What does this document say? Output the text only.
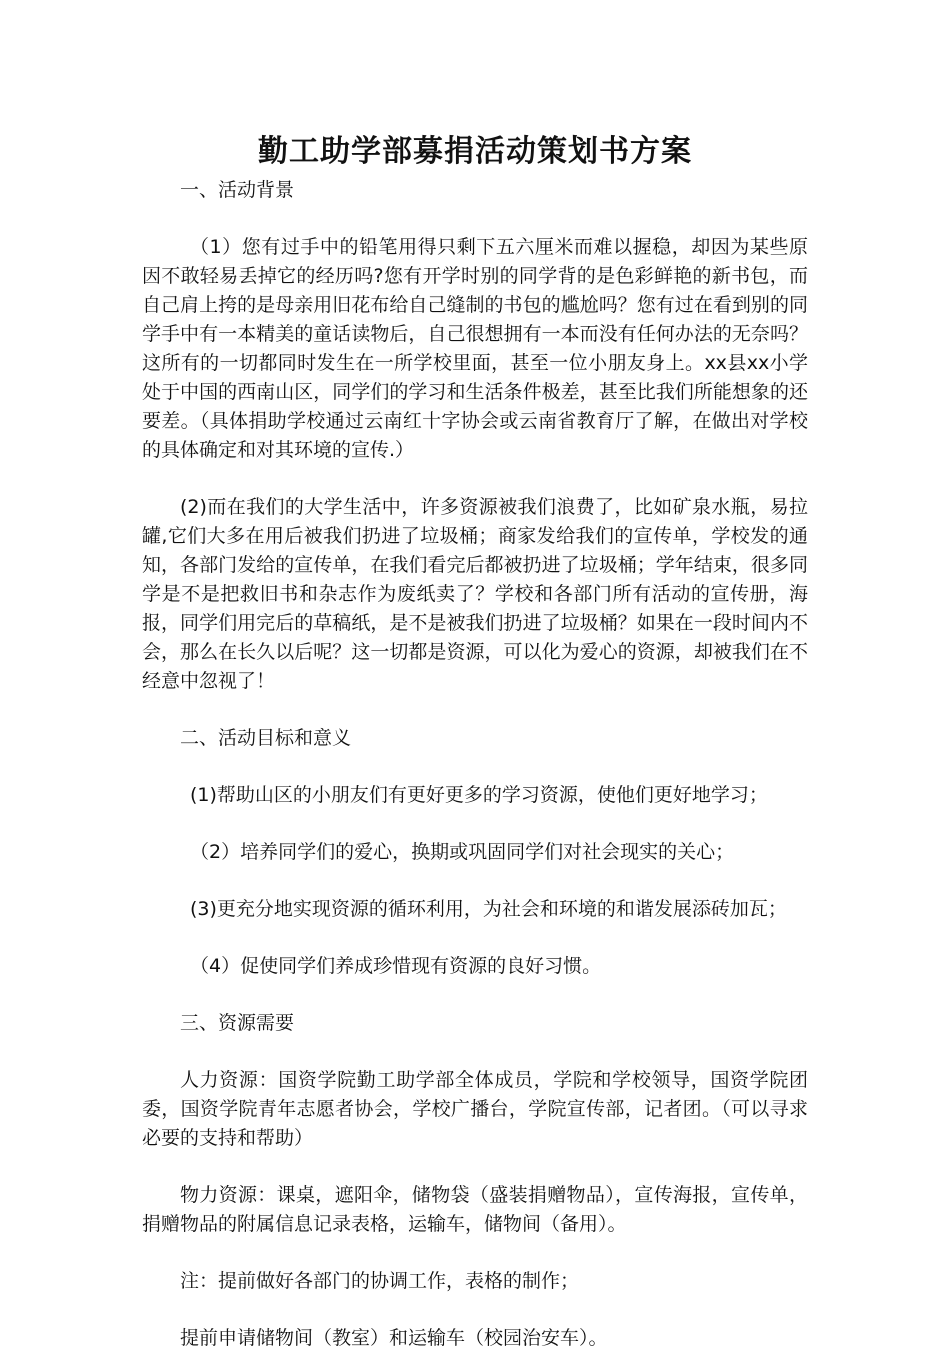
勤工助学部募捐活动策划书方案

一、活动背景

（1）您有过手中的铅笔用得只剩下五六厘米而难以握稳，却因为某些原因不敢轻易丢掉它的经历吗?您有开学时别的同学背的是色彩鲜艳的新书包，而自己肩上挎的是母亲用旧花布给自己缝制的书包的尴尬吗？您有过在看到别的同学手中有一本精美的童话读物后，自己很想拥有一本而没有任何办法的无奈吗？这所有的一切都同时发生在一所学校里面，甚至一位小朋友身上。xx县xx小学处于中国的西南山区，同学们的学习和生活条件极差，甚至比我们所能想象的还要差。（具体捐助学校通过云南红十字协会或云南省教育厅了解，在做出对学校的具体确定和对其环境的宣传.）

(2)而在我们的大学生活中，许多资源被我们浪费了，比如矿泉水瓶，易拉罐,它们大多在用后被我们扔进了垃圾桶；商家发给我们的宣传单，学校发的通知，各部门发给的宣传单，在我们看完后都被扔进了垃圾桶；学年结束，很多同学是不是把救旧书和杂志作为废纸卖了？学校和各部门所有活动的宣传册，海报，同学们用完后的草稿纸，是不是被我们扔进了垃圾桶？如果在一段时间内不会，那么在长久以后呢？这一切都是资源，可以化为爱心的资源，却被我们在不经意中忽视了！

二、活动目标和意义

(1)帮助山区的小朋友们有更好更多的学习资源，使他们更好地学习；

（2）培养同学们的爱心，换期或巩固同学们对社会现实的关心；

(3)更充分地实现资源的循环利用，为社会和环境的和谐发展添砖加瓦；

（4）促使同学们养成珍惜现有资源的良好习惯。

三、资源需要

人力资源：国资学院勤工助学部全体成员，学院和学校领导，国资学院团委，国资学院青年志愿者协会，学校广播台，学院宣传部，记者团。（可以寻求必要的支持和帮助）

物力资源：课桌，遮阳伞，储物袋（盛装捐赠物品），宣传海报，宣传单，捐赠物品的附属信息记录表格，运输车，储物间（备用）。

注：提前做好各部门的协调工作，表格的制作；

提前申请储物间（教室）和运输车（校园治安车）。
